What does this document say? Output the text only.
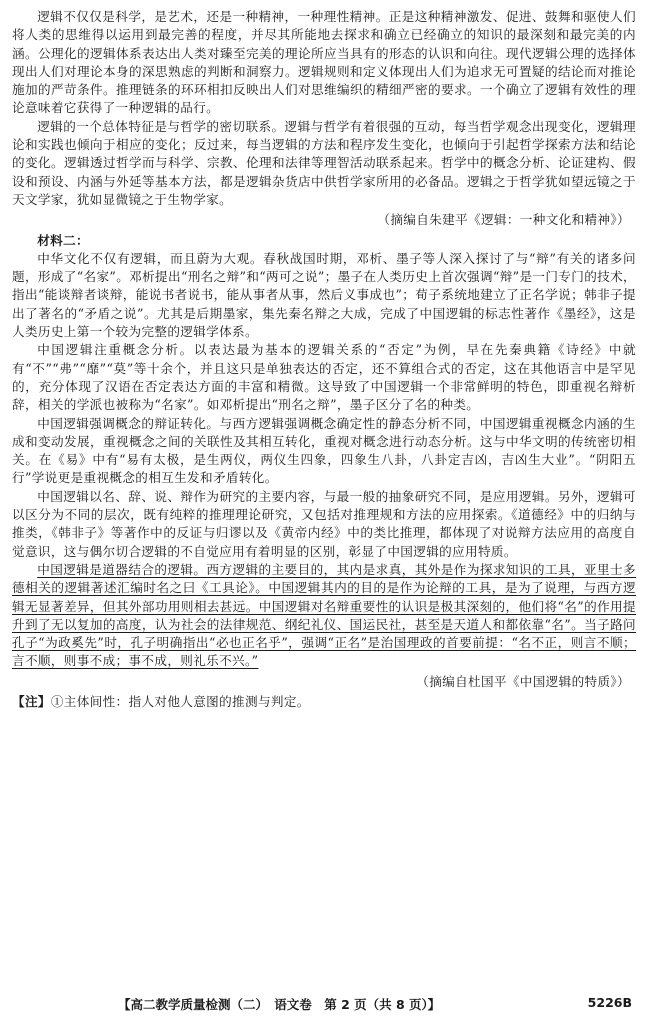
逻辑不仅仅是科学，是艺术，还是一种精神，一种理性精神。正是这种精神激发、促进、鼓舞和驱使人们将人类的思维得以运用到最完善的程度，并尽其所能地去探求和确立已经确立的知识的最深刻和最完美的内涵。公理化的逻辑体系表达出人类对臻至完美的理论所应当具有的形态的认识和向往。现代逻辑公理的选择体现出人们对理论本身的深思熟虑的判断和洞察力。逻辑规则和定义体现出人们为追求无可置疑的结论而对推论施加的严苛条件。推理链条的环环相扣反映出人们对思维编织的精细严密的要求。一个确立了逻辑有效性的理论意味着它获得了一种逻辑的品行。

逻辑的一个总体特征是与哲学的密切联系。逻辑与哲学有着很强的互动，每当哲学观念出现变化，逻辑理论和实践也倾向于相应的变化；反过来，每当逻辑的方法和程序发生变化，也倾向于引起哲学探索方法和结论的变化。逻辑透过哲学而与科学、宗教、伦理和法律等理智活动联系起来。哲学中的概念分析、论证建构、假设和预设、内涵与外延等基本方法，都是逻辑杂货店中供哲学家所用的必备品。逻辑之于哲学犹如望远镜之于天文学家，犹如显微镜之于生物学家。

（摘编自朱建平《逻辑：一种文化和精神》）

材料二：

中华文化不仅有逻辑，而且蔚为大观。春秋战国时期，邓析、墨子等人深入探讨了与“辩”有关的诸多问题，形成了“名家”。邓析提出“刑名之辩”和“两可之说”；墨子在人类历史上首次强调“辩”是一门专门的技术，指出“能谈辩者谈辩，能说书者说书，能从事者从事，然后义事成也”；荀子系统地建立了正名学说；韩非子提出了著名的“矛盾之说”。尤其是后期墨家，集先秦名辩之大成，完成了中国逻辑的标志性著作《墨经》，这是人类历史上第一个较为完整的逻辑学体系。

中国逻辑注重概念分析。以表达最为基本的逻辑关系的“否定”为例，早在先秦典籍《诗经》中就有“不”“弗”“靡”“莫”等十余个，并且这只是单独表达的否定，还不算组合式的否定，这在其他语言中是罕见的，充分体现了汉语在否定表达方面的丰富和精微。这导致了中国逻辑一个非常鲜明的特色，即重视名辩析辞，相关的学派也被称为“名家”。如邓析提出“刑名之辩”，墨子区分了名的种类。

中国逻辑强调概念的辩证转化。与西方逻辑强调概念确定性的静态分析不同，中国逻辑重视概念内涵的生成和变动发展，重视概念之间的关联性及其相互转化，重视对概念进行动态分析。这与中华文明的传统密切相关。在《易》中有“易有太极，是生两仪，两仪生四象，四象生八卦，八卦定吉凶，吉凶生大业”。“阴阳五行”学说更是重视概念的相互生发和矛盾转化。

中国逻辑以名、辞、说、辩作为研究的主要内容，与最一般的抽象研究不同，是应用逻辑。另外，逻辑可以区分为不同的层次，既有纯粹的推理理论研究，又包括对推理规和方法的应用探索。《道德经》中的归纳与推类，《韩非子》等著作中的反证与归谬以及《黄帝内经》中的类比推理，都体现了对说辩方法应用的高度自觉意识，这与偶尔切合逻辑的不自觉应用有着明显的区别，彰显了中国逻辑的应用特质。

中国逻辑是道器结合的逻辑。西方逻辑的主要目的，其内是求真，其外是作为探求知识的工具，亚里士多德相关的逻辑著述汇编时名之曰《工具论》。中国逻辑其内的目的是作为论辩的工具，是为了说理，与西方逻辑无显著差异，但其外部功用则相去甚远。中国逻辑对名辩重要性的认识是极其深刻的，他们将“名”的作用提升到了无以复加的高度，认为社会的法律规范、纲纪礼仪、国运民社，甚至是天道人和都依靠“名”。当子路问孔子“为政奚先”时，孔子明确指出“必也正名乎”，强调“正名”是治国理政的首要前提：“名不正，则言不顺；言不顺，则事不成；事不成，则礼乐不兴。”

（摘编自杜国平《中国逻辑的特质》）

【注】①主体间性：指人对他人意图的推测与判定。

【高二教学质量检测（二）　语文卷　第 2 页（共 8 页）】	5226B
